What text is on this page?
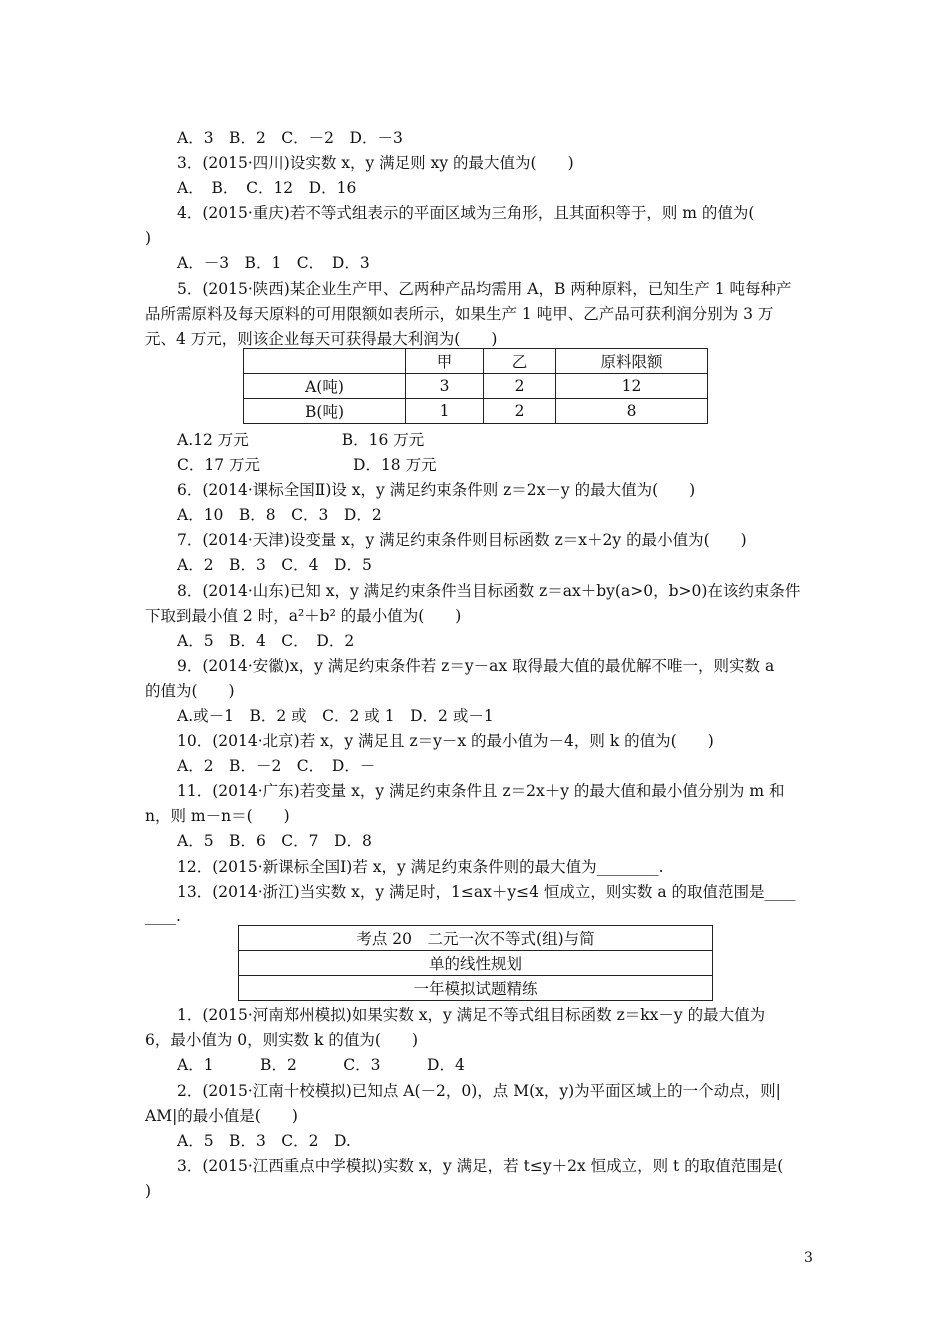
A．3　B．2　C．－2　D．－3
3．(2015·四川)设实数 x，y 满足则 xy 的最大值为(　　)
A．　B．　C．12　D．16
4．(2015·重庆)若不等式组表示的平面区域为三角形，且其面积等于，则 m 的值为(
)
A．－3　B．1　C．　D．3
5．(2015·陕西)某企业生产甲、乙两种产品均需用 A，B 两种原料，已知生产 1 吨每种产
品所需原料及每天原料的可用限额如表所示，如果生产 1 吨甲、乙产品可获利润分别为 3 万
元、4 万元，则该企业每天可获得最大利润为(　　)
	甲	乙	原料限额
A(吨)	3	2	12
B(吨)	1	2	8
A.12 万元　　　　　　B．16 万元
C．17 万元　　　　　　D．18 万元
6．(2014·课标全国Ⅱ)设 x，y 满足约束条件则 z＝2x－y 的最大值为(　　)
A．10　B．8　C．3　D．2
7．(2014·天津)设变量 x，y 满足约束条件则目标函数 z＝x＋2y 的最小值为(　　)
A．2　B．3　C．4　D．5
8．(2014·山东)已知 x，y 满足约束条件当目标函数 z＝ax＋by(a>0，b>0)在该约束条件
下取到最小值 2 时，a²＋b² 的最小值为(　　)
A．5　B．4　C．　D．2
9．(2014·安徽)x，y 满足约束条件若 z＝y－ax 取得最大值的最优解不唯一，则实数 a
的值为(　　)
A.或－1　B．2 或　C．2 或 1　D．2 或－1
10．(2014·北京)若 x，y 满足且 z＝y－x 的最小值为－4，则 k 的值为(　　)
A．2　B．－2　C．　D．－
11．(2014·广东)若变量 x，y 满足约束条件且 z＝2x＋y 的最大值和最小值分别为 m 和
n，则 m－n＝(　　)
A．5　B．6　C．7　D．8
12．(2015·新课标全国Ⅰ)若 x，y 满足约束条件则的最大值为________.
13．(2014·浙江)当实数 x，y 满足时，1≤ax＋y≤4 恒成立，则实数 a 的取值范围是____
____.
考点 20　二元一次不等式(组)与简
单的线性规划
一年模拟试题精练
1．(2015·河南郑州模拟)如果实数 x，y 满足不等式组目标函数 z＝kx－y 的最大值为
6，最小值为 0，则实数 k 的值为(　　)
A．1　　　B．2　　　C．3　　　D．4
2．(2015·江南十校模拟)已知点 A(－2，0)，点 M(x，y)为平面区域上的一个动点，则|
AM|的最小值是(　　)
A．5　B．3　C．2　D.
3．(2015·江西重点中学模拟)实数 x，y 满足，若 t≤y＋2x 恒成立，则 t 的取值范围是(
)
3
